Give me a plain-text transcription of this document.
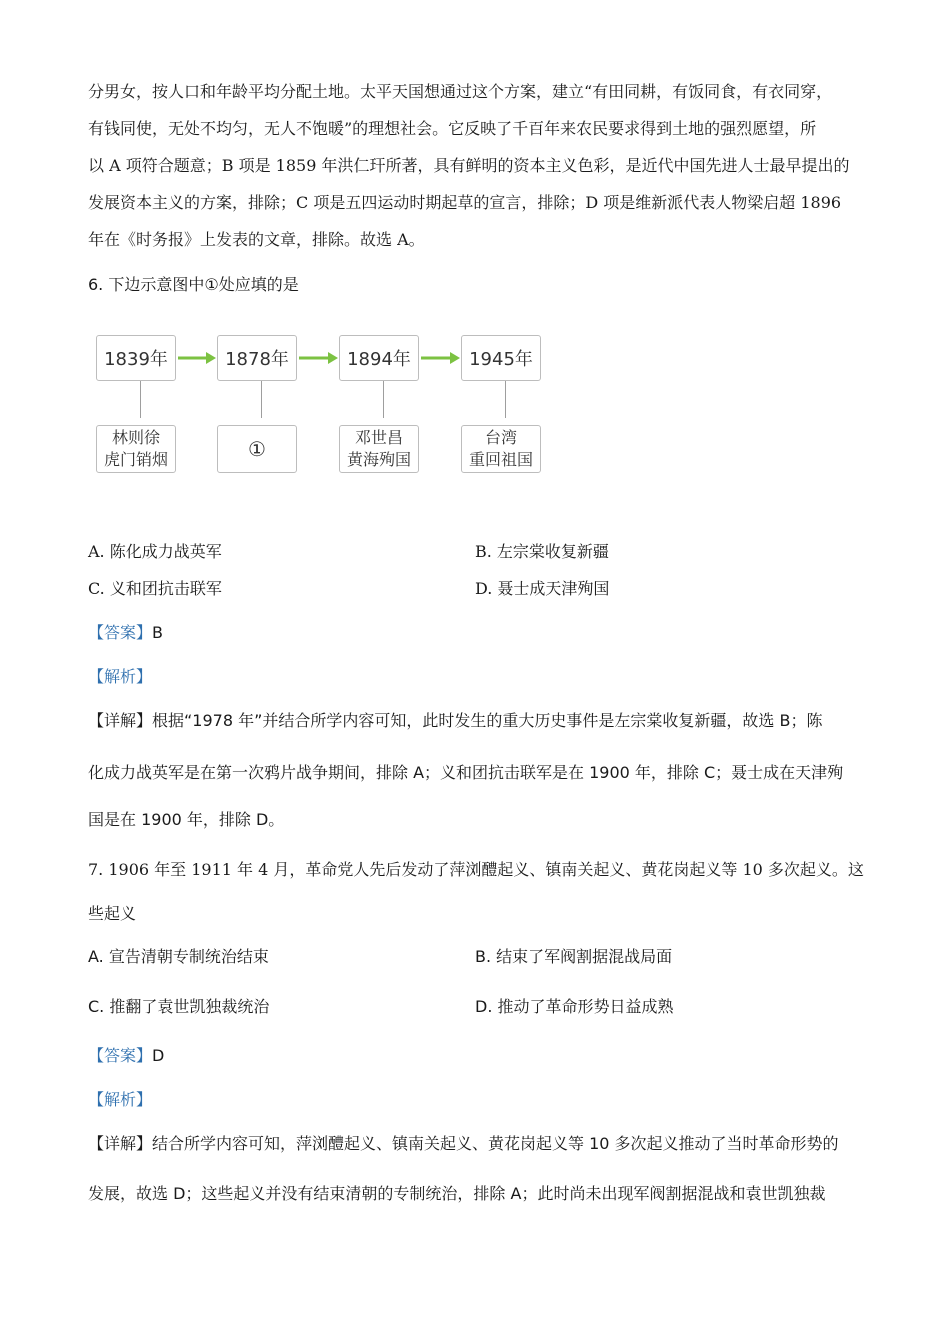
分男女，按人口和年龄平均分配土地。太平天国想通过这个方案，建立“有田同耕，有饭同食，有衣同穿，
有钱同使，无处不均匀，无人不饱暖”的理想社会。它反映了千百年来农民要求得到土地的强烈愿望，所
以 A 项符合题意；B 项是 1859 年洪仁玕所著，具有鲜明的资本主义色彩，是近代中国先进人士最早提出的
发展资本主义的方案，排除；C 项是五四运动时期起草的宣言，排除；D 项是维新派代表人物梁启超 1896
年在《时务报》上发表的文章，排除。故选 A。
6. 下边示意图中①处应填的是
1839年	1878年	1894年	1945年
林则徐
虎门销烟	①	邓世昌
黄海殉国
台湾
重回祖国
A. 陈化成力战英军	B. 左宗棠收复新疆
C. 义和团抗击联军	D. 聂士成天津殉国
【答案】B
【解析】
【详解】根据“1978 年”并结合所学内容可知，此时发生的重大历史事件是左宗棠收复新疆，故选 B；陈
化成力战英军是在第一次鸦片战争期间，排除 A；义和团抗击联军是在 1900 年，排除 C；聂士成在天津殉
国是在 1900 年，排除 D。
7. 1906 年至 1911 年 4 月，革命党人先后发动了萍浏醴起义、镇南关起义、黄花岗起义等 10 多次起义。这
些起义
A. 宣告清朝专制统治结束	B. 结束了军阀割据混战局面
C. 推翻了袁世凯独裁统治	D. 推动了革命形势日益成熟
【答案】D
【解析】
【详解】结合所学内容可知，萍浏醴起义、镇南关起义、黄花岗起义等 10 多次起义推动了当时革命形势的
发展，故选 D；这些起义并没有结束清朝的专制统治，排除 A；此时尚未出现军阀割据混战和袁世凯独裁
